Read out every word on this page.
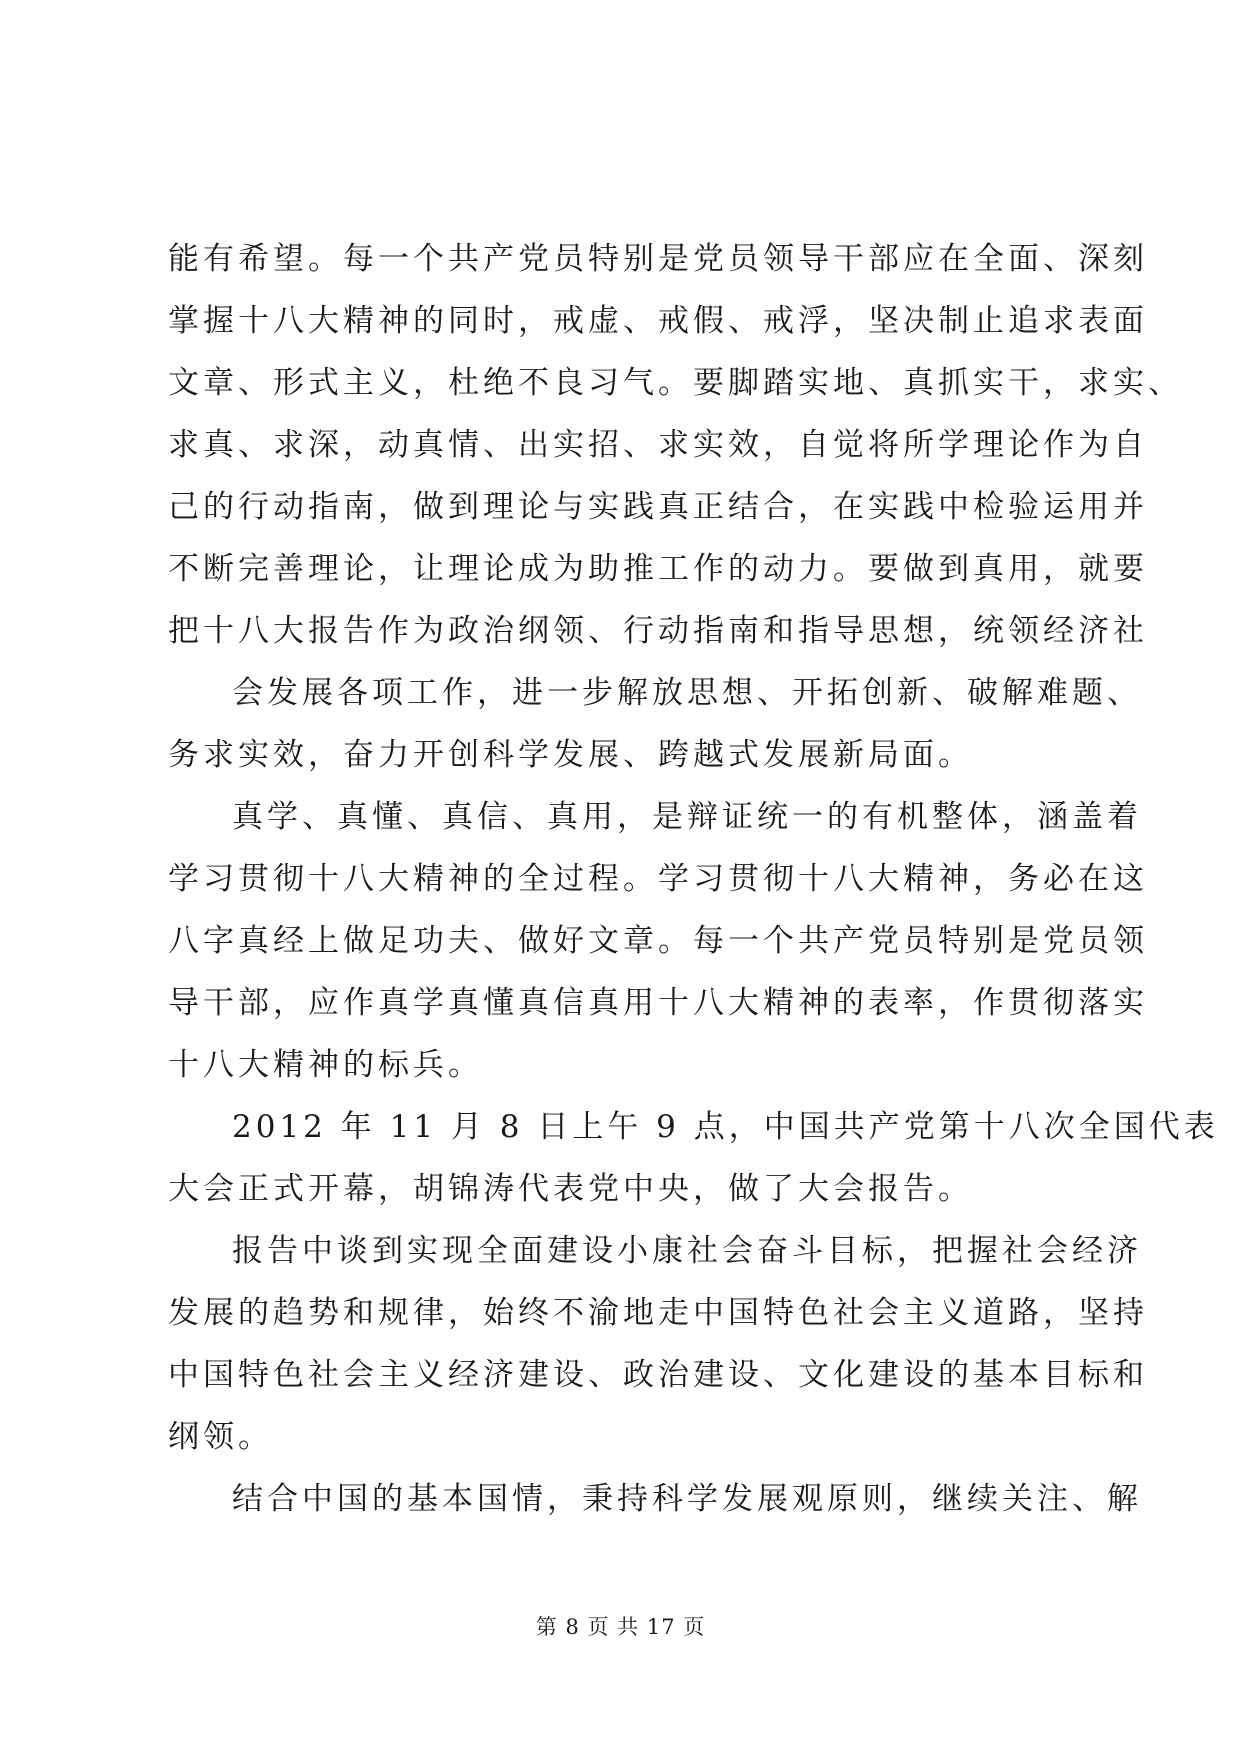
能有希望。每一个共产党员特别是党员领导干部应在全面、深刻
掌握十八大精神的同时，戒虚、戒假、戒浮，坚决制止追求表面
文章、形式主义，杜绝不良习气。要脚踏实地、真抓实干，求实、
求真、求深，动真情、出实招、求实效，自觉将所学理论作为自
己的行动指南，做到理论与实践真正结合，在实践中检验运用并
不断完善理论，让理论成为助推工作的动力。要做到真用，就要
把十八大报告作为政治纲领、行动指南和指导思想，统领经济社
会发展各项工作，进一步解放思想、开拓创新、破解难题、
务求实效，奋力开创科学发展、跨越式发展新局面。
真学、真懂、真信、真用，是辩证统一的有机整体，涵盖着
学习贯彻十八大精神的全过程。学习贯彻十八大精神，务必在这
八字真经上做足功夫、做好文章。每一个共产党员特别是党员领
导干部，应作真学真懂真信真用十八大精神的表率，作贯彻落实
十八大精神的标兵。
2012 年 11 月 8 日上午 9 点，中国共产党第十八次全国代表
大会正式开幕，胡锦涛代表党中央，做了大会报告。
报告中谈到实现全面建设小康社会奋斗目标，把握社会经济
发展的趋势和规律，始终不渝地走中国特色社会主义道路，坚持
中国特色社会主义经济建设、政治建设、文化建设的基本目标和
纲领。
结合中国的基本国情，秉持科学发展观原则，继续关注、解
第 8 页 共 17 页
